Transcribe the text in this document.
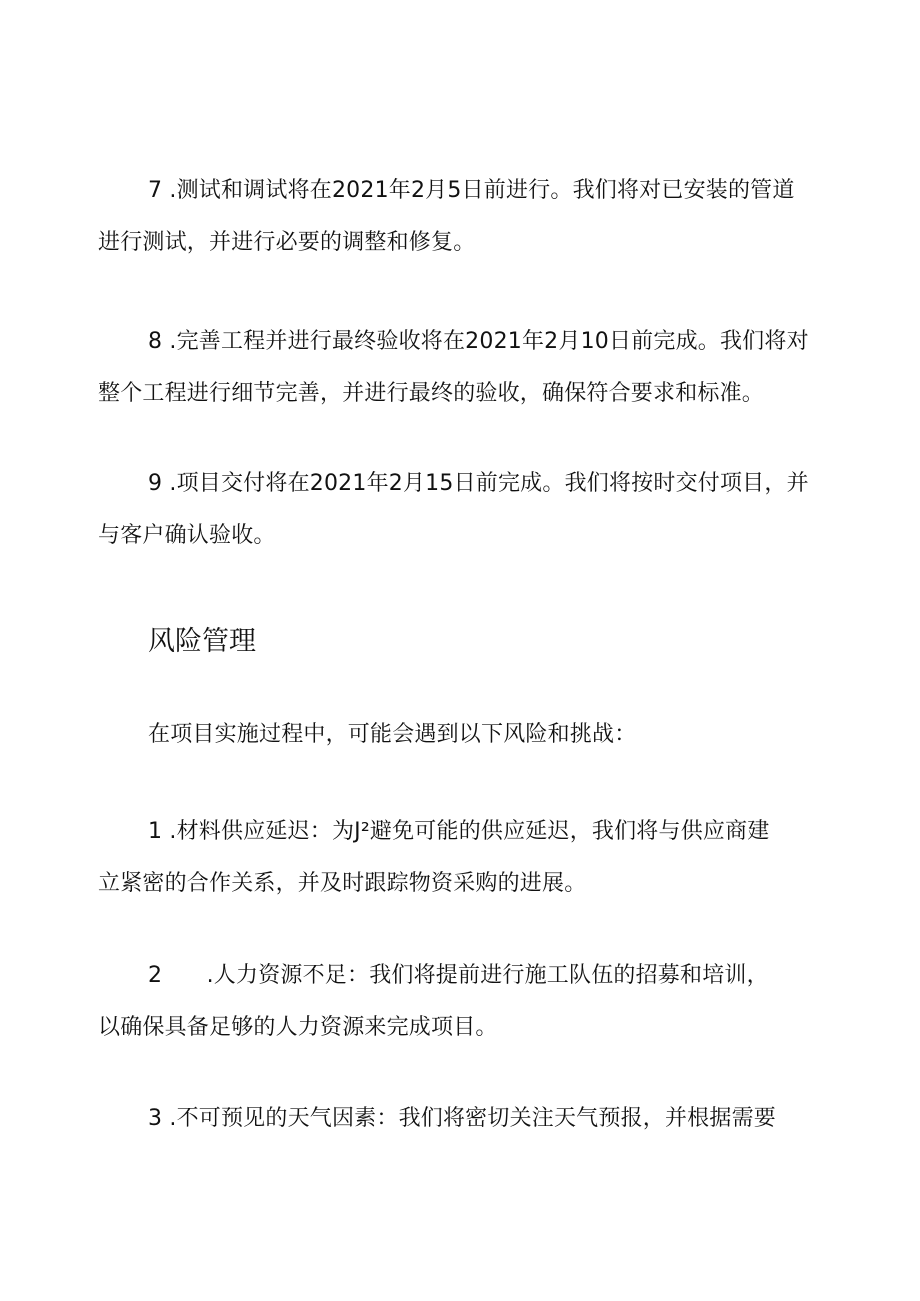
7 .测试和调试将在2021年2月5日前进行。我们将对已安装的管道
进行测试，并进行必要的调整和修复。

8 .完善工程并进行最终验收将在2021年2月10日前完成。我们将对
整个工程进行细节完善，并进行最终的验收，确保符合要求和标准。

9 .项目交付将在2021年2月15日前完成。我们将按时交付项目，并
与客户确认验收。

风险管理

在项目实施过程中，可能会遇到以下风险和挑战：

1 .材料供应延迟：为J²避免可能的供应延迟，我们将与供应商建
立紧密的合作关系，并及时跟踪物资采购的进展。

2　　.人力资源不足：我们将提前进行施工队伍的招募和培训，
以确保具备足够的人力资源来完成项目。

3 .不可预见的天气因素：我们将密切关注天气预报，并根据需要
